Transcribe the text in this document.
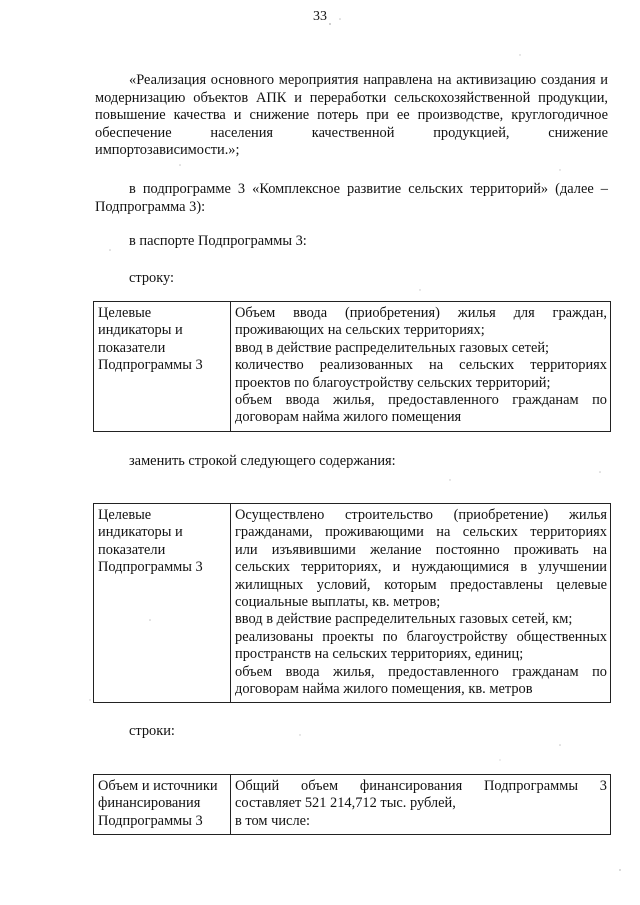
33
«Реализация основного мероприятия направлена на активизацию создания и модернизацию объектов АПК и переработки сельскохозяйственной продукции, повышение качества и снижение потерь при ее производстве, круглогодичное обеспечение населения качественной продукцией, снижение импортозависимости.»;
в подпрограмме 3 «Комплексное развитие сельских территорий» (далее – Подпрограмма 3):
в паспорте Подпрограммы 3:
строку:
Целевые
индикаторы и
показатели
Подпрограммы 3

Объем ввода (приобретения) жилья для граждан,
проживающих на сельских территориях;
ввод в действие распределительных газовых сетей;
количество реализованных на сельских территориях
проектов по благоустройству сельских территорий;
объем ввода жилья, предоставленного гражданам по
договорам найма жилого помещения
заменить строкой следующего содержания:
Целевые
индикаторы и
показатели
Подпрограммы 3

Осуществлено строительство (приобретение) жилья
гражданами, проживающими на сельских территориях
или изъявившими желание постоянно проживать на
сельских территориях, и нуждающимися в улучшении
жилищных условий, которым предоставлены целевые
социальные выплаты, кв. метров;
ввод в действие распределительных газовых сетей, км;
реализованы проекты по благоустройству общественных
пространств на сельских территориях, единиц;
объем ввода жилья, предоставленного гражданам по
договорам найма жилого помещения, кв. метров
строки:
Объем и источники
финансирования
Подпрограммы 3

Общий объем финансирования Подпрограммы 3
составляет 521 214,712 тыс. рублей,
в том числе:
